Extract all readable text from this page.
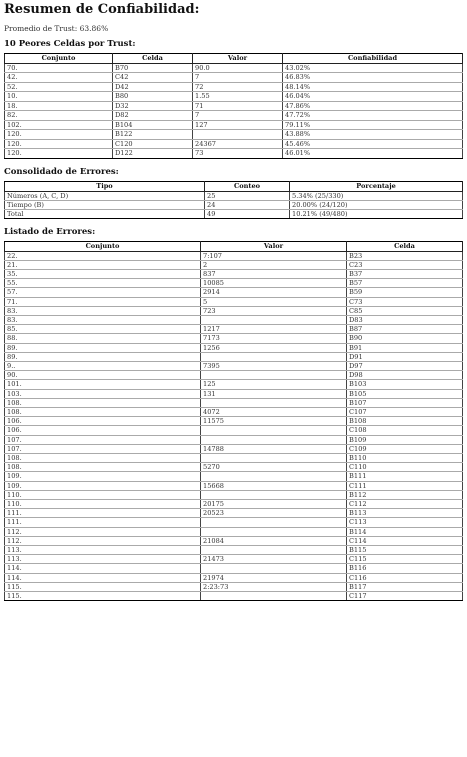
Resumen de Confiabilidad:
Promedio de Trust: 63.86%
10 Peores Celdas por Trust:
Conjunto	Celda	Valor	Confiabilidad
70.	B70	90.0	43.02%
42.	C42	7	46.83%
52.	D42	72	48.14%
10.	B80	1.55	46.04%
18.	D32	71	47.86%
82.	D82	7	47.72%
102.	B104	127	79.11%
120.	B122		43.88%
120.	C120	24367	45.46%
120.	D122	73	46.01%
Consolidado de Errores:
Tipo	Conteo	Porcentaje
Números (A, C, D)	25	5.34% (25/330)
Tiempo (B)	24	20.00% (24/120)
Total	49	10.21% (49/480)
Listado de Errores:
Conjunto	Valor	Celda
22.	7:107	B23
21.	2	C23
35.	837	B37
55.	10085	B57
57.	2914	B59
71.	5	C73
83.	723	C85
83.		D83
85.	1217	B87
88.	7173	B90
89.	1256	B91
89.		D91
9..	7395	D97
90.		D98
101.	125	B103
103.	131	B105
108.		B107
108.	4072	C107
106.	11575	B108
106.		C108
107.		B109
107.	14788	C109
108.		B110
108.	5270	C110
109.		B111
109.	15668	C111
110.		B112
110.	20175	C112
111.	20523	B113
111.		C113
112.		B114
112.	21084	C114
113.		B115
113.	21473	C115
114.		B116
114.	21974	C116
115.	2:23:73	B117
115.		C117
